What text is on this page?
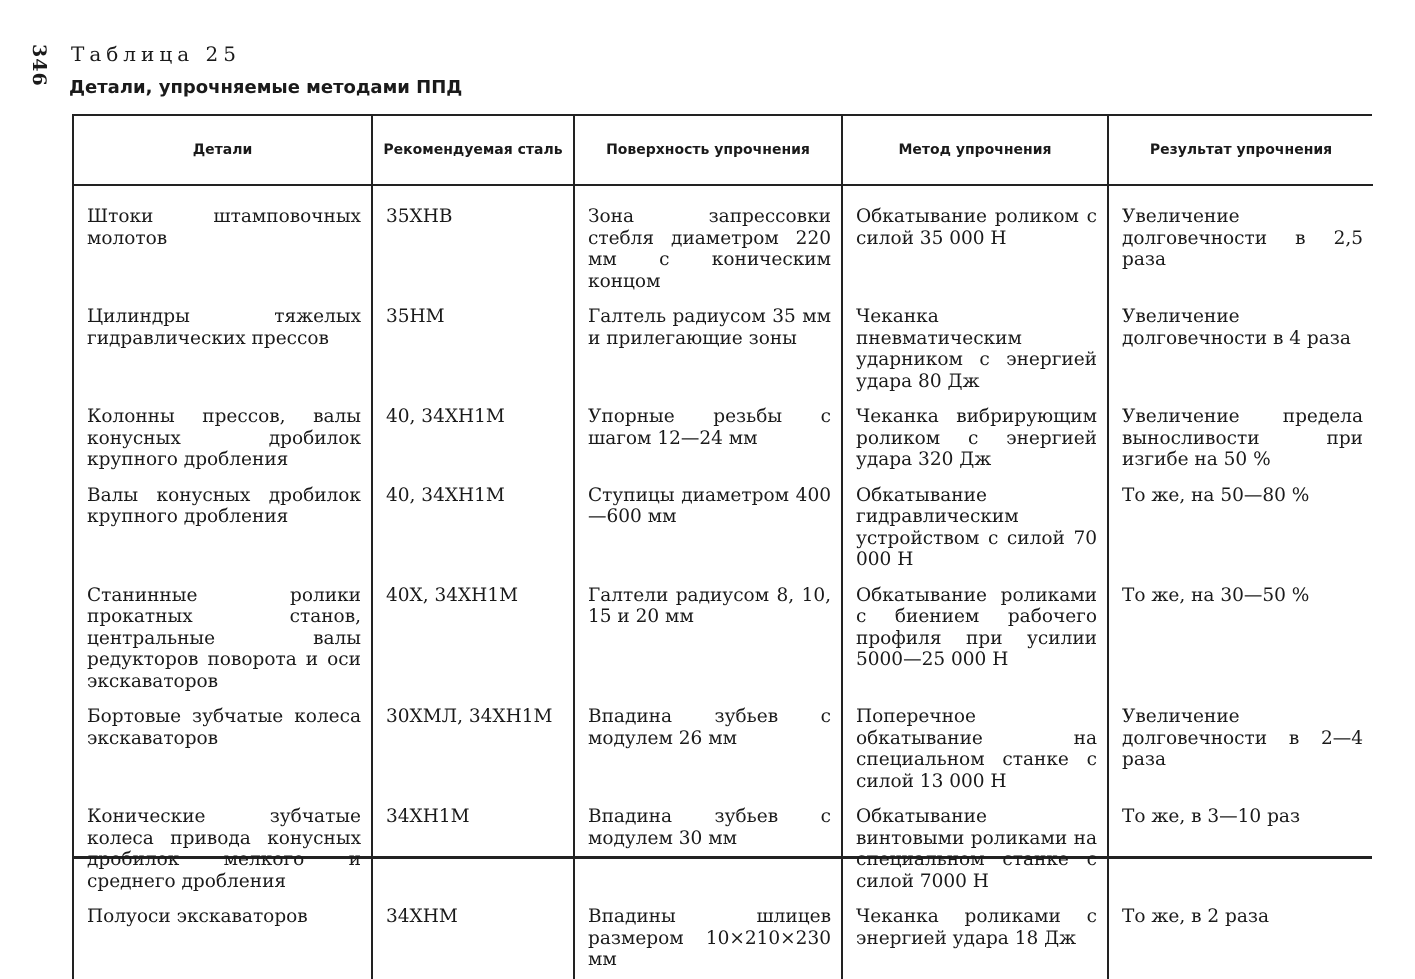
346 Таблица 25
Детали, упрочняемые методами ППД
Детали	Рекомендуемая сталь	Поверхность упрочнения	Метод упрочнения	Результат упрочнения
Штоки штамповочных молотов	35ХНВ	Зона запрессовки стебля диаметром 220 мм с коническим концом	Обкатывание роликом с силой 35 000 Н	Увеличение долговечности в 2,5 раза
Цилиндры тяжелых гидравлических прессов	35НМ	Галтель радиусом 35 мм и прилегающие зоны	Чеканка пневматическим ударником с энергией удара 80 Дж	Увеличение долговечности в 4 раза
Колонны прессов, валы конусных дробилок крупного дробления	40, 34ХН1М	Упорные резьбы с шагом 12—24 мм	Чеканка вибрирующим роликом с энергией удара 320 Дж	Увеличение предела выносливости при изгибе на 50 %
Валы конусных дробилок крупного дробления	40, 34ХН1М	Ступицы диаметром 400—600 мм	Обкатывание гидравлическим устройством с силой 70 000 Н	То же, на 50—80 %
Станинные ролики прокатных станов, центральные валы редукторов поворота и оси экскаваторов	40Х, 34ХН1М	Галтели радиусом 8, 10, 15 и 20 мм	Обкатывание роликами с биением рабочего профиля при усилии 5000—25 000 Н	То же, на 30—50 %
Бортовые зубчатые колеса экскаваторов	30ХМЛ, 34ХН1М	Впадина зубьев с модулем 26 мм	Поперечное обкатывание на специальном станке с силой 13 000 Н	Увеличение долговечности в 2—4 раза
Конические зубчатые колеса привода конусных дробилок мелкого и среднего дробления	34ХН1М	Впадина зубьев с модулем 30 мм	Обкатывание винтовыми роликами на специальном станке с силой 7000 Н	То же, в 3—10 раз
Полуоси экскаваторов	34ХНМ	Впадины шлицев размером 10×210×230 мм	Чеканка роликами с энергией удара 18 Дж	То же, в 2 раза
